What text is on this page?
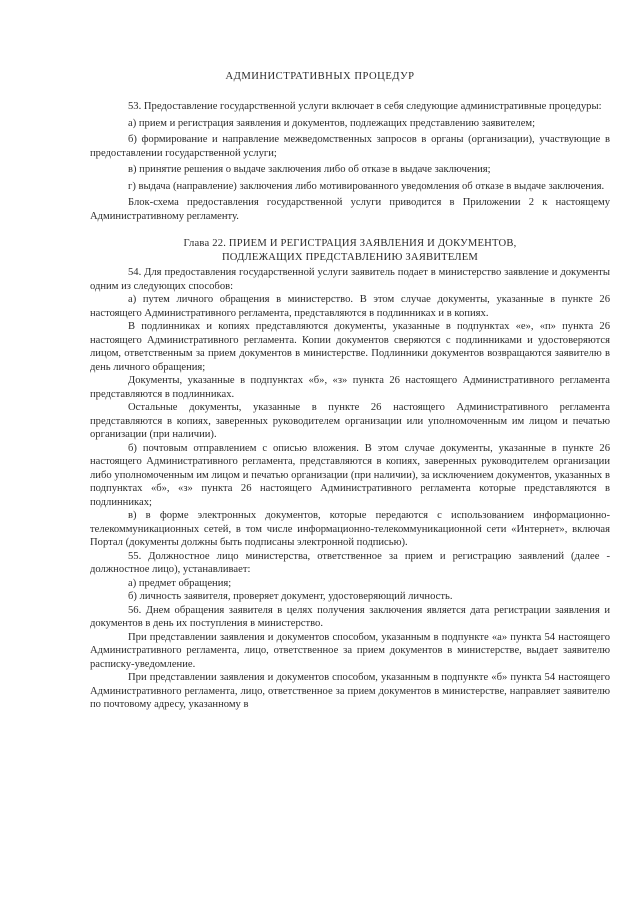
АДМИНИСТРАТИВНЫХ ПРОЦЕДУР

53. Предоставление государственной услуги включает в себя следующие административные процедуры:

а) прием и регистрация заявления и документов, подлежащих представлению заявителем;

б) формирование и направление межведомственных запросов в органы (организации), участвующие в предоставлении государственной услуги;

в) принятие решения о выдаче заключения либо об отказе в выдаче заключения;

г) выдача (направление) заключения либо мотивированного уведомления об отказе в выдаче заключения.

Блок-схема предоставления государственной услуги приводится в Приложении 2 к настоящему Административному регламенту.

Глава 22. ПРИЕМ И РЕГИСТРАЦИЯ ЗАЯВЛЕНИЯ И ДОКУМЕНТОВ,
ПОДЛЕЖАЩИХ ПРЕДСТАВЛЕНИЮ ЗАЯВИТЕЛЕМ

54. Для предоставления государственной услуги заявитель подает в министерство заявление и документы одним из следующих способов:

а) путем личного обращения в министерство. В этом случае документы, указанные в пункте 26 настоящего Административного регламента, представляются в подлинниках и в копиях.

В подлинниках и копиях представляются документы, указанные в подпунктах «е», «п» пункта 26 настоящего Административного регламента. Копии документов сверяются с подлинниками и удостоверяются лицом, ответственным за прием документов в министерстве. Подлинники документов возвращаются заявителю в день личного обращения;

Документы, указанные в подпунктах «б», «з» пункта 26 настоящего Административного регламента представляются в подлинниках.

Остальные документы, указанные в пункте 26 настоящего Административного регламента представляются в копиях, заверенных руководителем организации или уполномоченным им лицом и печатью организации (при наличии).

б) почтовым отправлением с описью вложения. В этом случае документы, указанные в пункте 26 настоящего Административного регламента, представляются в копиях, заверенных руководителем организации либо уполномоченным им лицом и печатью организации (при наличии), за исключением документов, указанных в подпунктах «б», «з» пункта 26 настоящего Административного регламента которые представляются в подлинниках;

в) в форме электронных документов, которые передаются с использованием информационно-телекоммуникационных сетей, в том числе информационно-телекоммуникационной сети «Интернет», включая Портал (документы должны быть подписаны электронной подписью).

55. Должностное лицо министерства, ответственное за прием и регистрацию заявлений (далее - должностное лицо), устанавливает:

а) предмет обращения;

б) личность заявителя, проверяет документ, удостоверяющий личность.

56. Днем обращения заявителя в целях получения заключения является дата регистрации заявления и документов в день их поступления в министерство.

При представлении заявления и документов способом, указанным в подпункте «а» пункта 54 настоящего Административного регламента, лицо, ответственное за прием документов в министерстве, выдает заявителю расписку-уведомление.

При представлении заявления и документов способом, указанным в подпункте «б» пункта 54 настоящего Административного регламента, лицо, ответственное за прием документов в министерстве, направляет заявителю по почтовому адресу, указанному в
